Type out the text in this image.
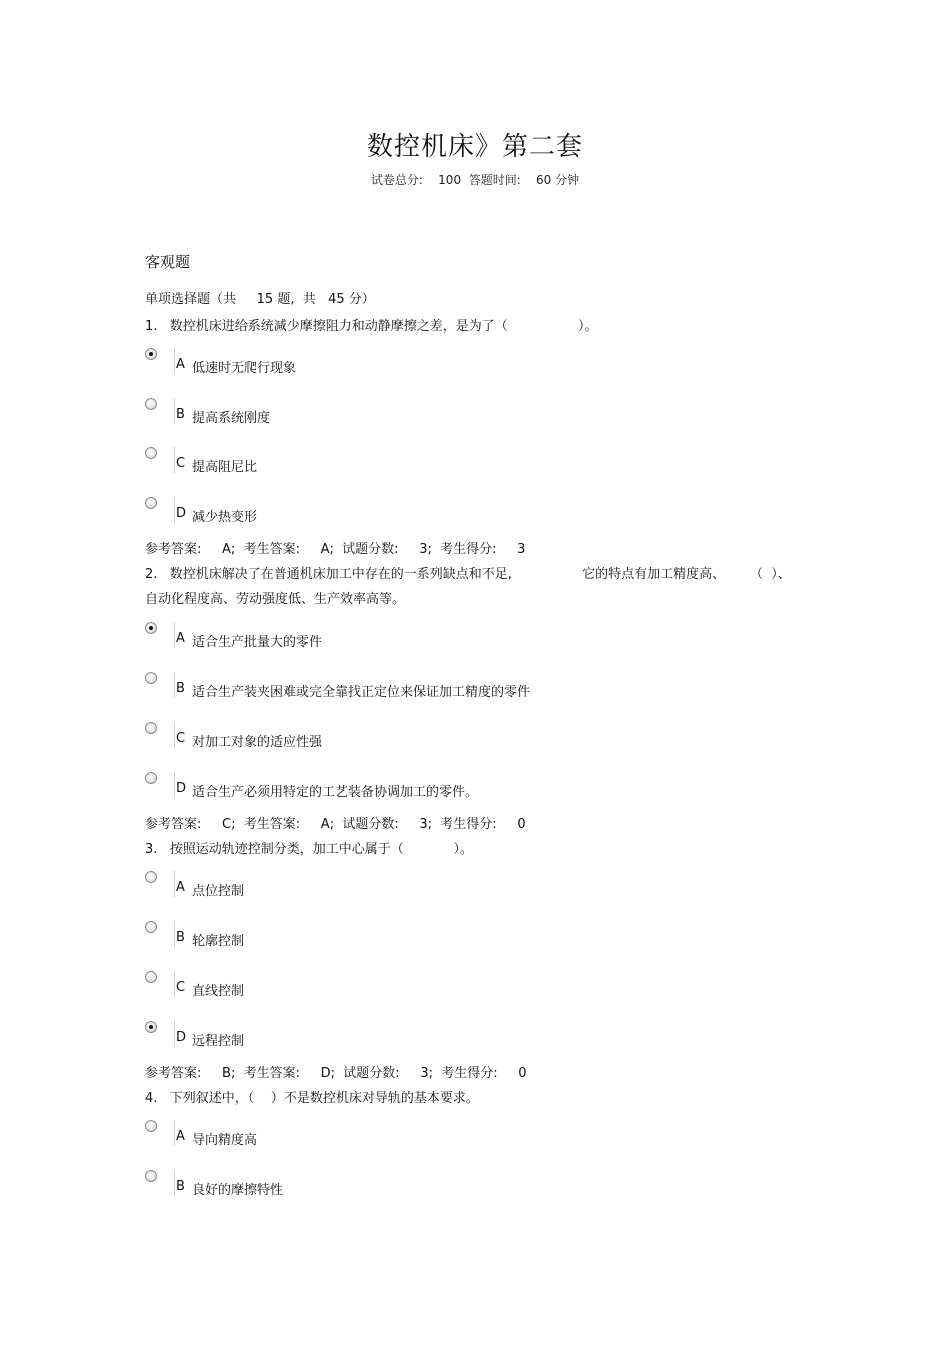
数控机床》第二套
试卷总分:    100  答题时间:    60 分钟
客观题
单项选择题（共     15 题,  共   45 分）
1.   数控机床进给系统减少摩擦阻力和动静摩擦之差，是为了（                 ）。
A 低速时无爬行现象
B 提高系统刚度
C 提高阻尼比
D 减少热变形
参考答案:     A;  考生答案:     A;  试题分数:     3;  考生得分:     3
2.   数控机床解决了在普通机床加工中存在的一系列缺点和不足,                 它的特点有加工精度高、      （  ）、
自动化程度高、劳动强度低、生产效率高等。
A 适合生产批量大的零件
B 适合生产装夹困难或完全靠找正定位来保证加工精度的零件
C 对加工对象的适应性强
D 适合生产必须用特定的工艺装备协调加工的零件。
参考答案:     C;  考生答案:     A;  试题分数:     3;  考生得分:     0
3.   按照运动轨迹控制分类，加工中心属于（            ）。
A 点位控制
B 轮廓控制
C 直线控制
D 远程控制
参考答案:     B;  考生答案:     D;  试题分数:     3;  考生得分:     0
4.   下列叙述中，（    ）不是数控机床对导轨的基本要求。
A 导向精度高
B 良好的摩擦特性
